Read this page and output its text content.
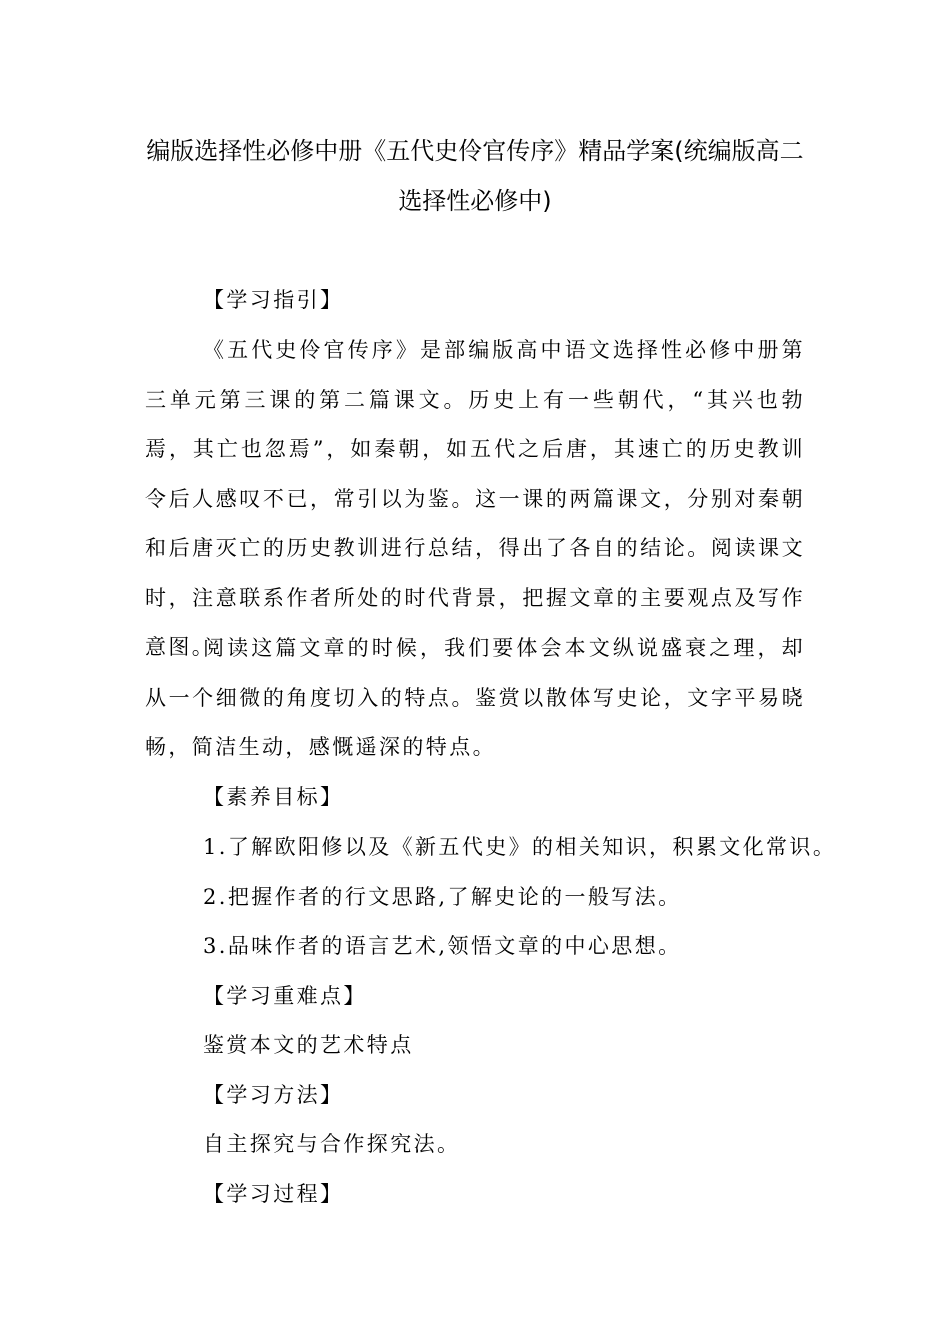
编版选择性必修中册《五代史伶官传序》精品学案(统编版高二选择性必修中)
【学习指引】
《五代史伶官传序》是部编版高中语文选择性必修中册第三单元第三课的第二篇课文。历史上有一些朝代，“其兴也勃焉，其亡也忽焉”，如秦朝，如五代之后唐，其速亡的历史教训令后人感叹不已，常引以为鉴。这一课的两篇课文，分别对秦朝和后唐灭亡的历史教训进行总结，得出了各自的结论。阅读课文时，注意联系作者所处的时代背景，把握文章的主要观点及写作意图。
阅读这篇文章的时候，我们要体会本文纵说盛衰之理，却从一个细微的角度切入的特点。鉴赏以散体写史论，文字平易晓畅，简洁生动，感慨遥深的特点。
【素养目标】
1.了解欧阳修以及《新五代史》的相关知识，积累文化常识。
2.把握作者的行文思路,了解史论的一般写法。
3.品味作者的语言艺术,领悟文章的中心思想。
【学习重难点】
鉴赏本文的艺术特点
【学习方法】
自主探究与合作探究法。
【学习过程】
